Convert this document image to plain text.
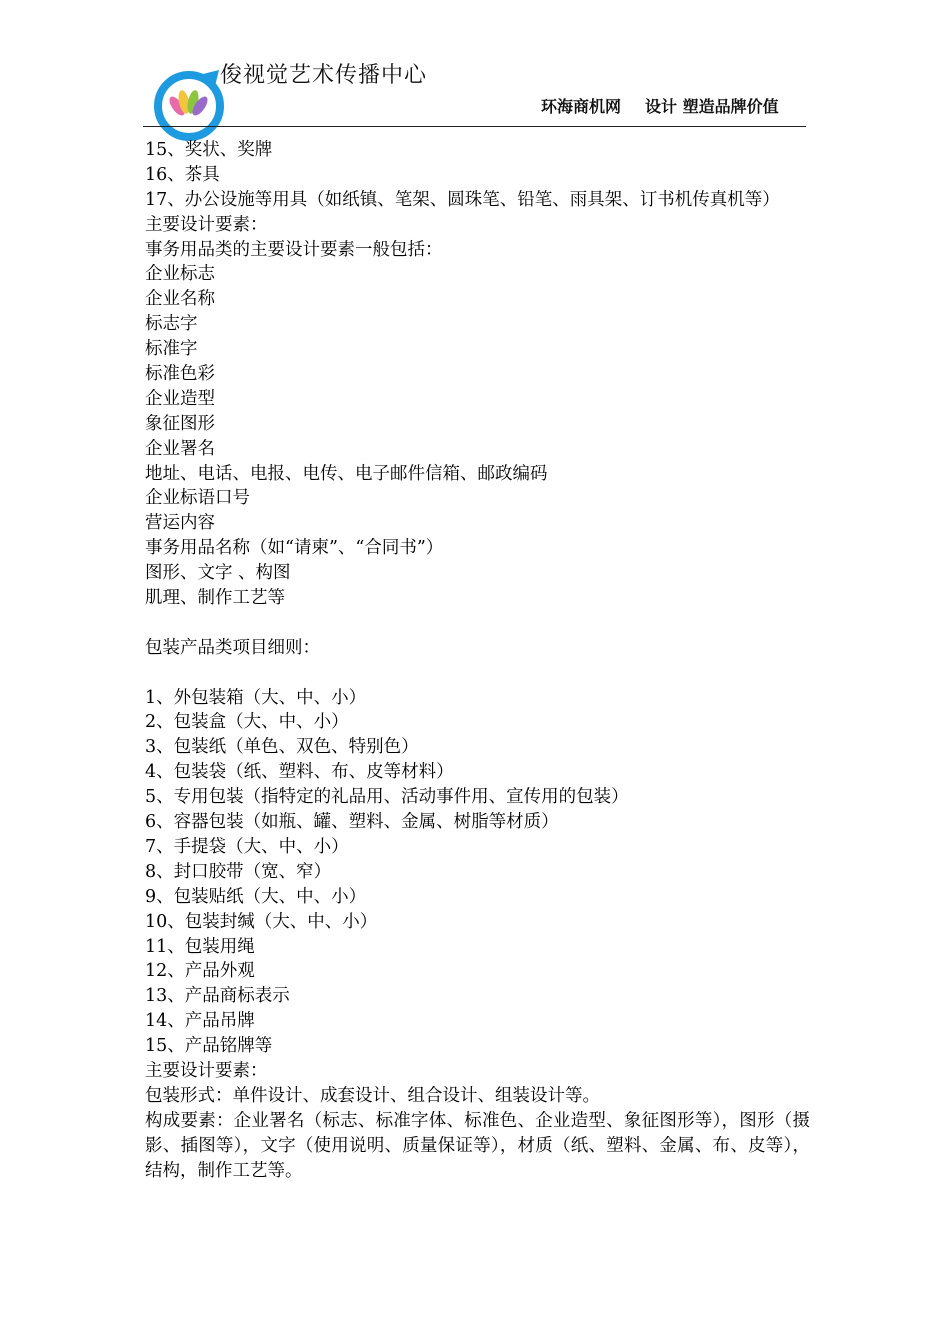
俊视觉艺术传播中心
环海商机网 设计 塑造品牌价值
15、奖状、奖牌
16、茶具
17、办公设施等用具（如纸镇、笔架、圆珠笔、铅笔、雨具架、订书机传真机等）
主要设计要素：
事务用品类的主要设计要素一般包括：
企业标志
企业名称
标志字
标准字
标准色彩
企业造型
象征图形
企业署名
地址、电话、电报、电传、电子邮件信箱、邮政编码
企业标语口号
营运内容
事务用品名称（如“请柬”、“合同书”）
图形、文字 、构图
肌理、制作工艺等
包装产品类项目细则：
1、外包装箱（大、中、小）
2、包装盒（大、中、小）
3、包装纸（单色、双色、特别色）
4、包装袋（纸、塑料、布、皮等材料）
5、专用包装（指特定的礼品用、活动事件用、宣传用的包装）
6、容器包装（如瓶、罐、塑料、金属、树脂等材质）
7、手提袋（大、中、小）
8、封口胶带（宽、窄）
9、包装贴纸（大、中、小）
10、包装封缄（大、中、小）
11、包装用绳
12、产品外观
13、产品商标表示
14、产品吊牌
15、产品铭牌等
主要设计要素：
包装形式：单件设计、成套设计、组合设计、组装设计等。
构成要素：企业署名（标志、标准字体、标准色、企业造型、象征图形等），图形（摄影、插图等），文字（使用说明、质量保证等），材质（纸、塑料、金属、布、皮等），结构，制作工艺等。
